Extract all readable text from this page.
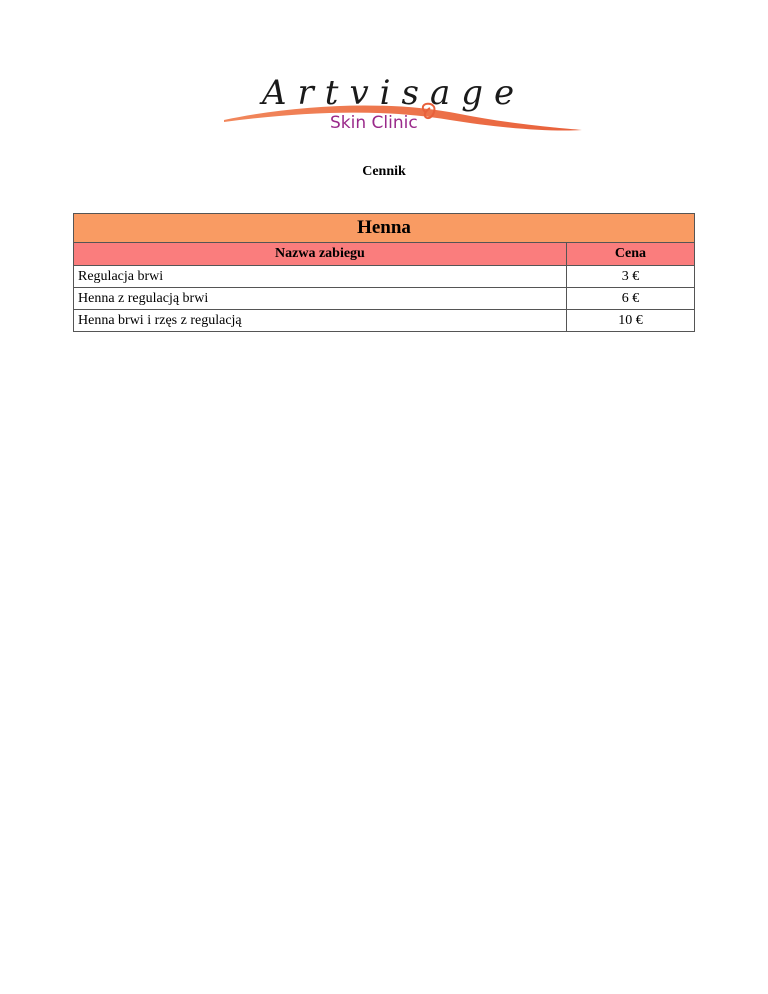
Artvisage
Skin Clinic
Cennik
Henna	
Nazwa zabiegu	Cena
Regulacja brwi	3 €
Henna z regulacją brwi	6 €
Henna brwi i rzęs z regulacją	10 €
